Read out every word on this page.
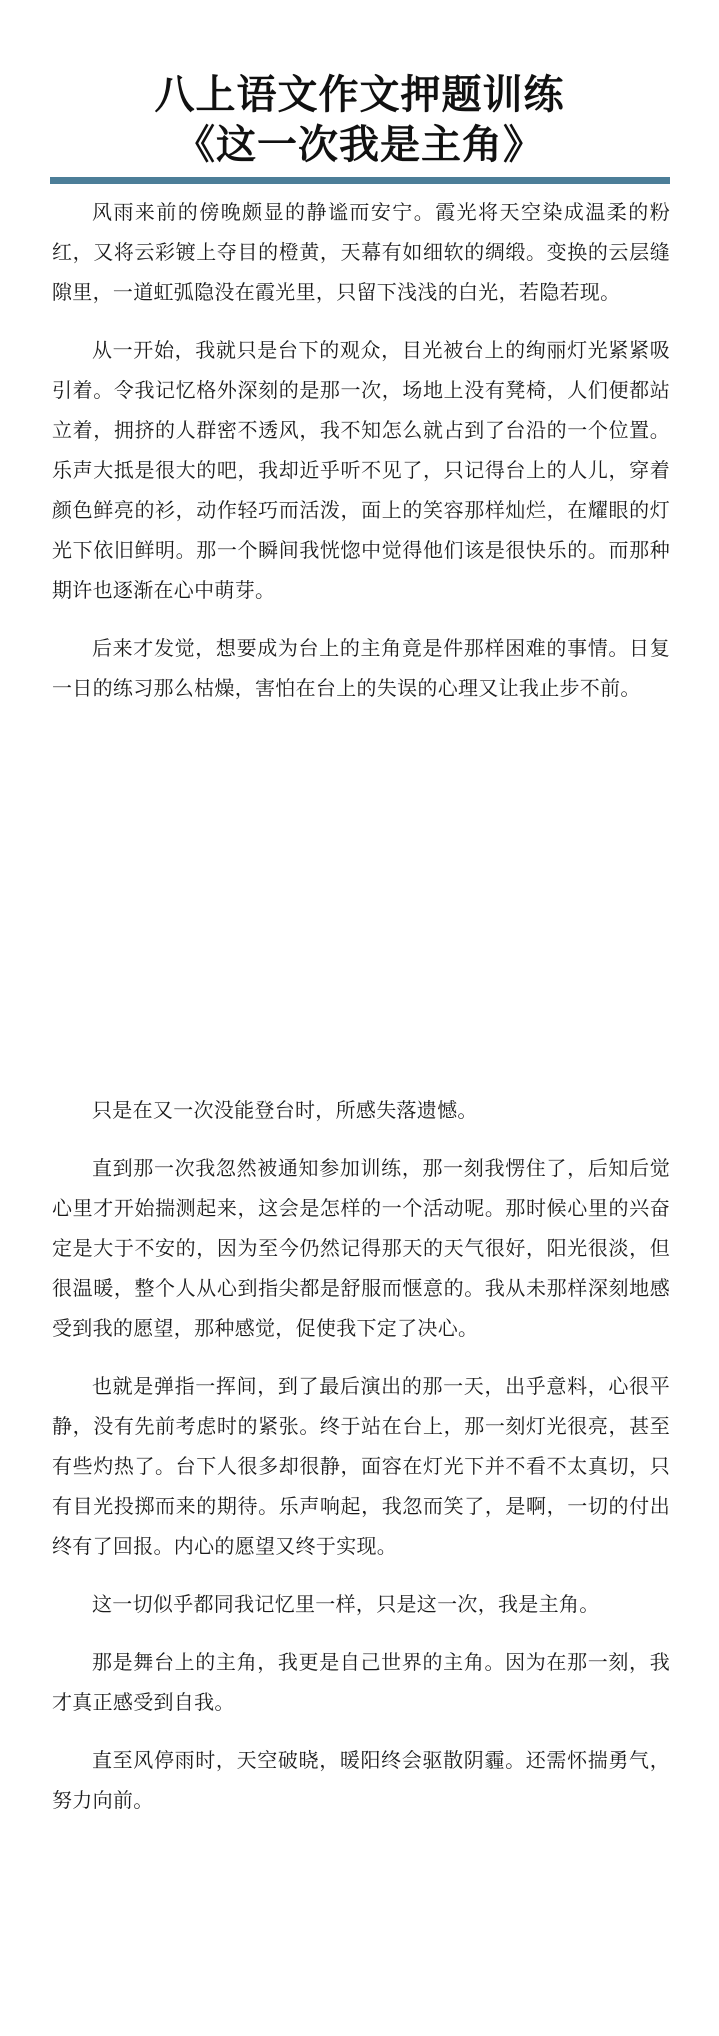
八上语文作文押题训练
《这一次我是主角》

风雨来前的傍晚颇显的静谧而安宁。霞光将天空染成温柔的粉红，又将云彩镀上夺目的橙黄，天幕有如细软的绸缎。变换的云层缝隙里，一道虹弧隐没在霞光里，只留下浅浅的白光，若隐若现。

从一开始，我就只是台下的观众，目光被台上的绚丽灯光紧紧吸引着。令我记忆格外深刻的是那一次，场地上没有凳椅，人们便都站立着，拥挤的人群密不透风，我不知怎么就占到了台沿的一个位置。乐声大抵是很大的吧，我却近乎听不见了，只记得台上的人儿，穿着颜色鲜亮的衫，动作轻巧而活泼，面上的笑容那样灿烂，在耀眼的灯光下依旧鲜明。那一个瞬间我恍惚中觉得他们该是很快乐的。而那种期许也逐渐在心中萌芽。

后来才发觉，想要成为台上的主角竟是件那样困难的事情。日复一日的练习那么枯燥，害怕在台上的失误的心理又让我止步不前。

只是在又一次没能登台时，所感失落遗憾。

直到那一次我忽然被通知参加训练，那一刻我愣住了，后知后觉心里才开始揣测起来，这会是怎样的一个活动呢。那时候心里的兴奋定是大于不安的，因为至今仍然记得那天的天气很好，阳光很淡，但很温暖，整个人从心到指尖都是舒服而惬意的。我从未那样深刻地感受到我的愿望，那种感觉，促使我下定了决心。

也就是弹指一挥间，到了最后演出的那一天，出乎意料，心很平静，没有先前考虑时的紧张。终于站在台上，那一刻灯光很亮，甚至有些灼热了。台下人很多却很静，面容在灯光下并不看不太真切，只有目光投掷而来的期待。乐声响起，我忽而笑了，是啊，一切的付出终有了回报。内心的愿望又终于实现。

这一切似乎都同我记忆里一样，只是这一次，我是主角。

那是舞台上的主角，我更是自己世界的主角。因为在那一刻，我才真正感受到自我。

直至风停雨时，天空破晓，暖阳终会驱散阴霾。还需怀揣勇气，努力向前。
